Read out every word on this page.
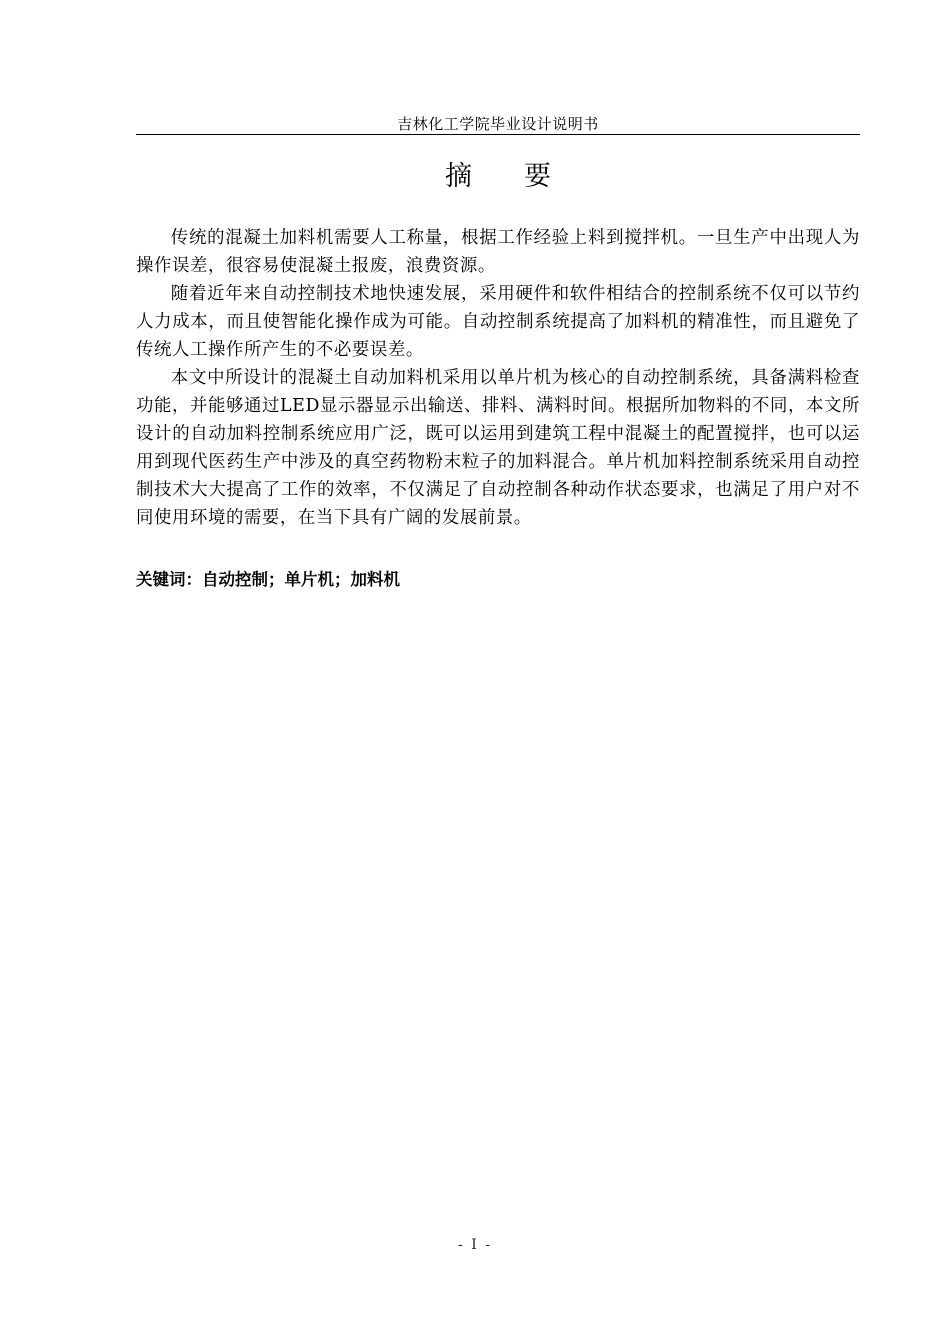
吉林化工学院毕业设计说明书
摘要

传统的混凝土加料机需要人工称量，根据工作经验上料到搅拌机。一旦生产中出现人为操作误差，很容易使混凝土报废，浪费资源。

随着近年来自动控制技术地快速发展，采用硬件和软件相结合的控制系统不仅可以节约人力成本，而且使智能化操作成为可能。自动控制系统提高了加料机的精准性，而且避免了传统人工操作所产生的不必要误差。

本文中所设计的混凝土自动加料机采用以单片机为核心的自动控制系统，具备满料检查功能，并能够通过LED显示器显示出输送、排料、满料时间。根据所加物料的不同，本文所设计的自动加料控制系统应用广泛，既可以运用到建筑工程中混凝土的配置搅拌，也可以运用到现代医药生产中涉及的真空药物粉末粒子的加料混合。单片机加料控制系统采用自动控制技术大大提高了工作的效率，不仅满足了自动控制各种动作状态要求，也满足了用户对不同使用环境的需要，在当下具有广阔的发展前景。

关键词：自动控制；单片机；加料机
- I -
